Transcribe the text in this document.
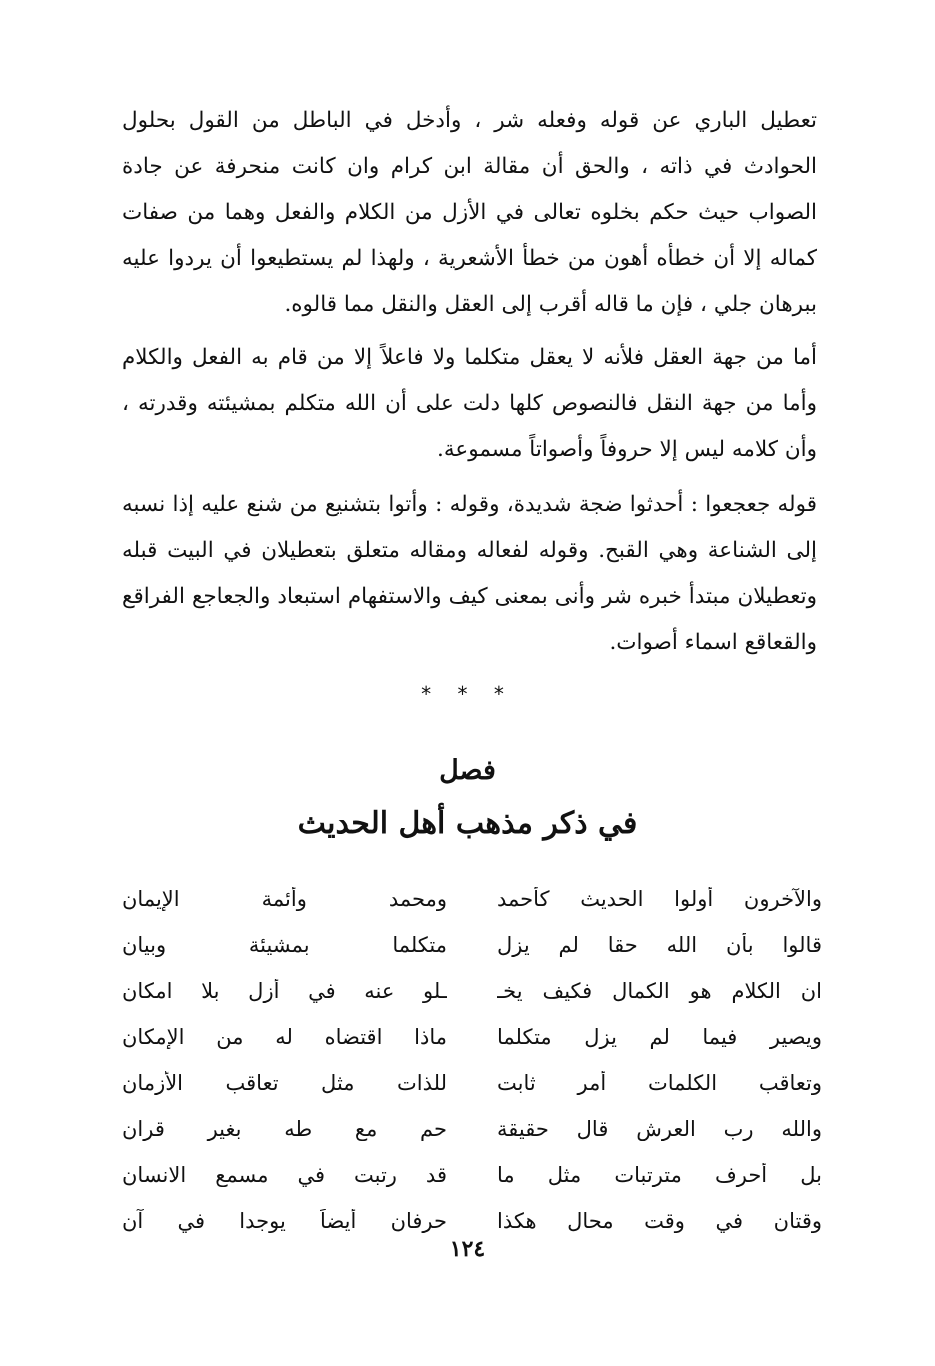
تعطيل الباري عن قوله وفعله شر ، وأدخل في الباطل من القول بحلول الحوادث في ذاته ، والحق أن مقالة ابن كرام وان كانت منحرفة عن جادة الصواب حيث حكم بخلوه تعالى في الأزل من الكلام والفعل وهما من صفات كماله إلا أن خطأه أهون من خطأ الأشعرية ، ولهذا لم يستطيعوا أن يردوا عليه ببرهان جلي ، فإن ما قاله أقرب إلى العقل والنقل مما قالوه.

أما من جهة العقل فلأنه لا يعقل متكلما ولا فاعلاً إلا من قام به الفعل والكلام وأما من جهة النقل فالنصوص كلها دلت على أن الله متكلم بمشيئته وقدرته ، وأن كلامه ليس إلا حروفاً وأصواتاً مسموعة.

قوله جعجعوا : أحدثوا ضجة شديدة، وقوله : وأتوا بتشنيع من شنع عليه إذا نسبه إلى الشناعة وهي القبح. وقوله لفعاله ومقاله متعلق بتعطيلان في البيت قبله وتعطيلان مبتدأ خبره شر وأنى بمعنى كيف والاستفهام استبعاد والجعاجع الفراقع والقعاقع اسماء أصوات.

* * *
فصل
في ذكر مذهب أهل الحديث
والآخرون أولوا الحديث كأحمد
ومحمد وأئمة الإيمان
قالوا بأن الله حقا لم يزل
متكلما بمشيئة وبيان
ان الكلام هو الكمال فكيف يخـ
ـلو عنه في أزل بلا امكان
ويصير فيما لم يزل متكلما
ماذا اقتضاه له من الإمكان
وتعاقب الكلمات أمر ثابت
للذات مثل تعاقب الأزمان
والله رب العرش قال حقيقة
حم مع طه بغير قران
بل أحرف مترتبات مثل ما
قد رتبت في مسمع الانسان
وقتان في وقت محال هكذا
حرفان أيضاً يوجدا في آن
١٢٤
